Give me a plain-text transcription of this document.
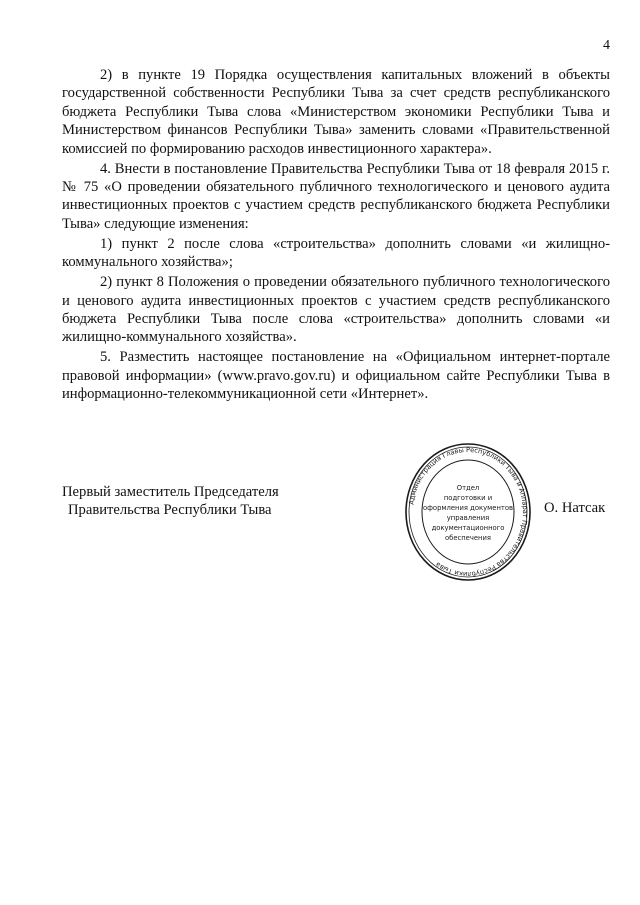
4

2) в пункте 19 Порядка осуществления капитальных вложений в объекты государственной собственности Республики Тыва за счет средств республиканского бюджета Республики Тыва слова «Министерством экономики Республики Тыва и Министерством финансов Республики Тыва» заменить словами «Правительственной комиссией по формированию расходов инвестиционного характера».

4. Внести в постановление Правительства Республики Тыва от 18 февраля 2015 г. № 75 «О проведении обязательного публичного технологического и ценового аудита инвестиционных проектов с участием средств республиканского бюджета Республики Тыва» следующие изменения:

1) пункт 2 после слова «строительства» дополнить словами «и жилищно-коммунального хозяйства»;

2) пункт 8 Положения о проведении обязательного публичного технологического и ценового аудита инвестиционных проектов с участием средств республиканского бюджета Республики Тыва после слова «строительства» дополнить словами «и жилищно-коммунального хозяйства».

5. Разместить настоящее постановление на «Официальном интернет-портале правовой информации» (www.pravo.gov.ru) и официальном сайте Республики Тыва в информационно-телекоммуникационной сети «Интернет».

Первый заместитель Председателя
Правительства Республики Тыва	О. Натсак
Администрация Главы Республики Тыва и Аппарат Правительства Республики Тыва
Отдел
подготовки и
оформления документов
управления
документационного
обеспечения
